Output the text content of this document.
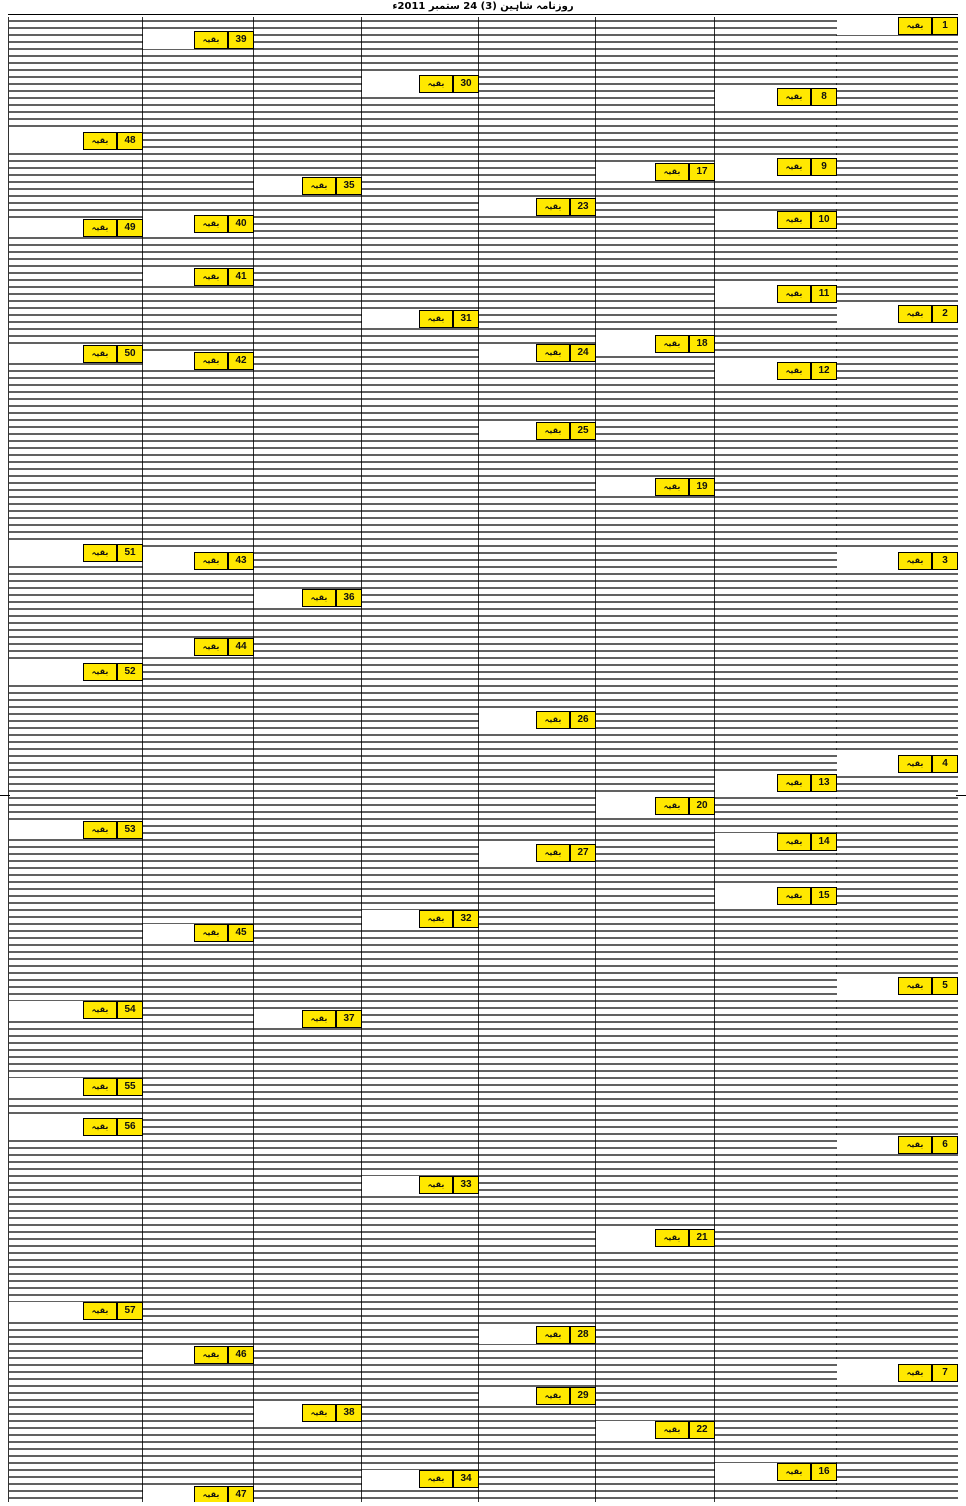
روزنامہ شاہین (3) 24 ستمبر 2011ء
1
بقیہ
2
بقیہ
3
بقیہ
4
بقیہ
5
بقیہ
6
بقیہ
7
بقیہ
8
بقیہ
9
بقیہ
10
بقیہ
11
بقیہ
12
بقیہ
13
بقیہ
14
بقیہ
15
بقیہ
16
بقیہ
17
بقیہ
18
بقیہ
19
بقیہ
20
بقیہ
21
بقیہ
22
بقیہ
23
بقیہ
24
بقیہ
25
بقیہ
26
بقیہ
27
بقیہ
28
بقیہ
29
بقیہ
30
بقیہ
31
بقیہ
32
بقیہ
33
بقیہ
34
بقیہ
35
بقیہ
36
بقیہ
37
بقیہ
38
بقیہ
39
بقیہ
40
بقیہ
41
بقیہ
42
بقیہ
43
بقیہ
44
بقیہ
45
بقیہ
46
بقیہ
47
بقیہ
48
بقیہ
49
بقیہ
50
بقیہ
51
بقیہ
52
بقیہ
53
بقیہ
54
بقیہ
55
بقیہ
56
بقیہ
57
بقیہ
